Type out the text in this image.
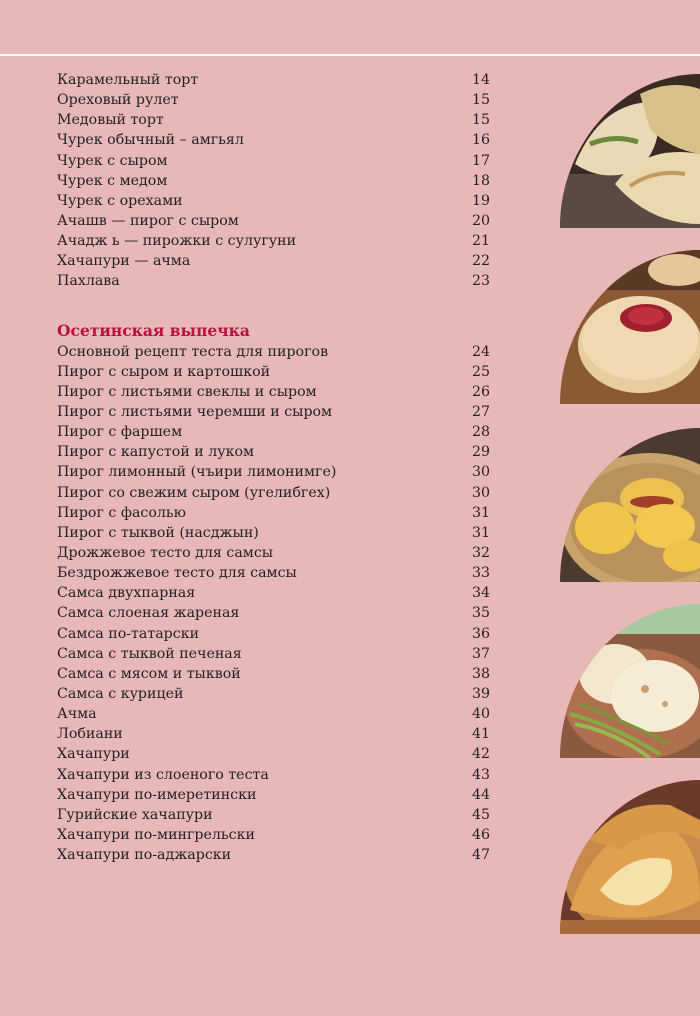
Карамельный торт	14
Ореховый рулет	15
Медовый торт	15
Чурек обычный – амгьял	16
Чурек с сыром	17
Чурек с медом	18
Чурек с орехами	19
Ачашв — пирог с сыром	20
Ачадж ь — пирожки с сулугуни	21
Хачапури — ачма	22
Пахлава	23
Осетинская выпечка
Основной рецепт теста для пирогов	24
Пирог с сыром и картошкой	25
Пирог с листьями свеклы и сыром	26
Пирог с листьями черемши и сыром	27
Пирог с фаршем	28
Пирог с капустой и луком	29
Пирог лимонный (чъири лимонимге)	30
Пирог со свежим сыром (угелибгех)	30
Пирог с фасолью	31
Пирог с тыквой (насджын)	31
Дрожжевое тесто для самсы	32
Бездрожжевое тесто для самсы	33
Самса двухпарная	34
Самса слоеная жареная	35
Самса по-татарски	36
Самса с тыквой печеная	37
Самса с мясом и тыквой	38
Самса с курицей	39
Ачма	40
Лобиани	41
Хачапури	42
Хачапури из слоеного теста	43
Хачапури по-имеретински	44
Гурийские хачапури	45
Хачапури по-мингрельски	46
Хачапури по-аджарски	47
